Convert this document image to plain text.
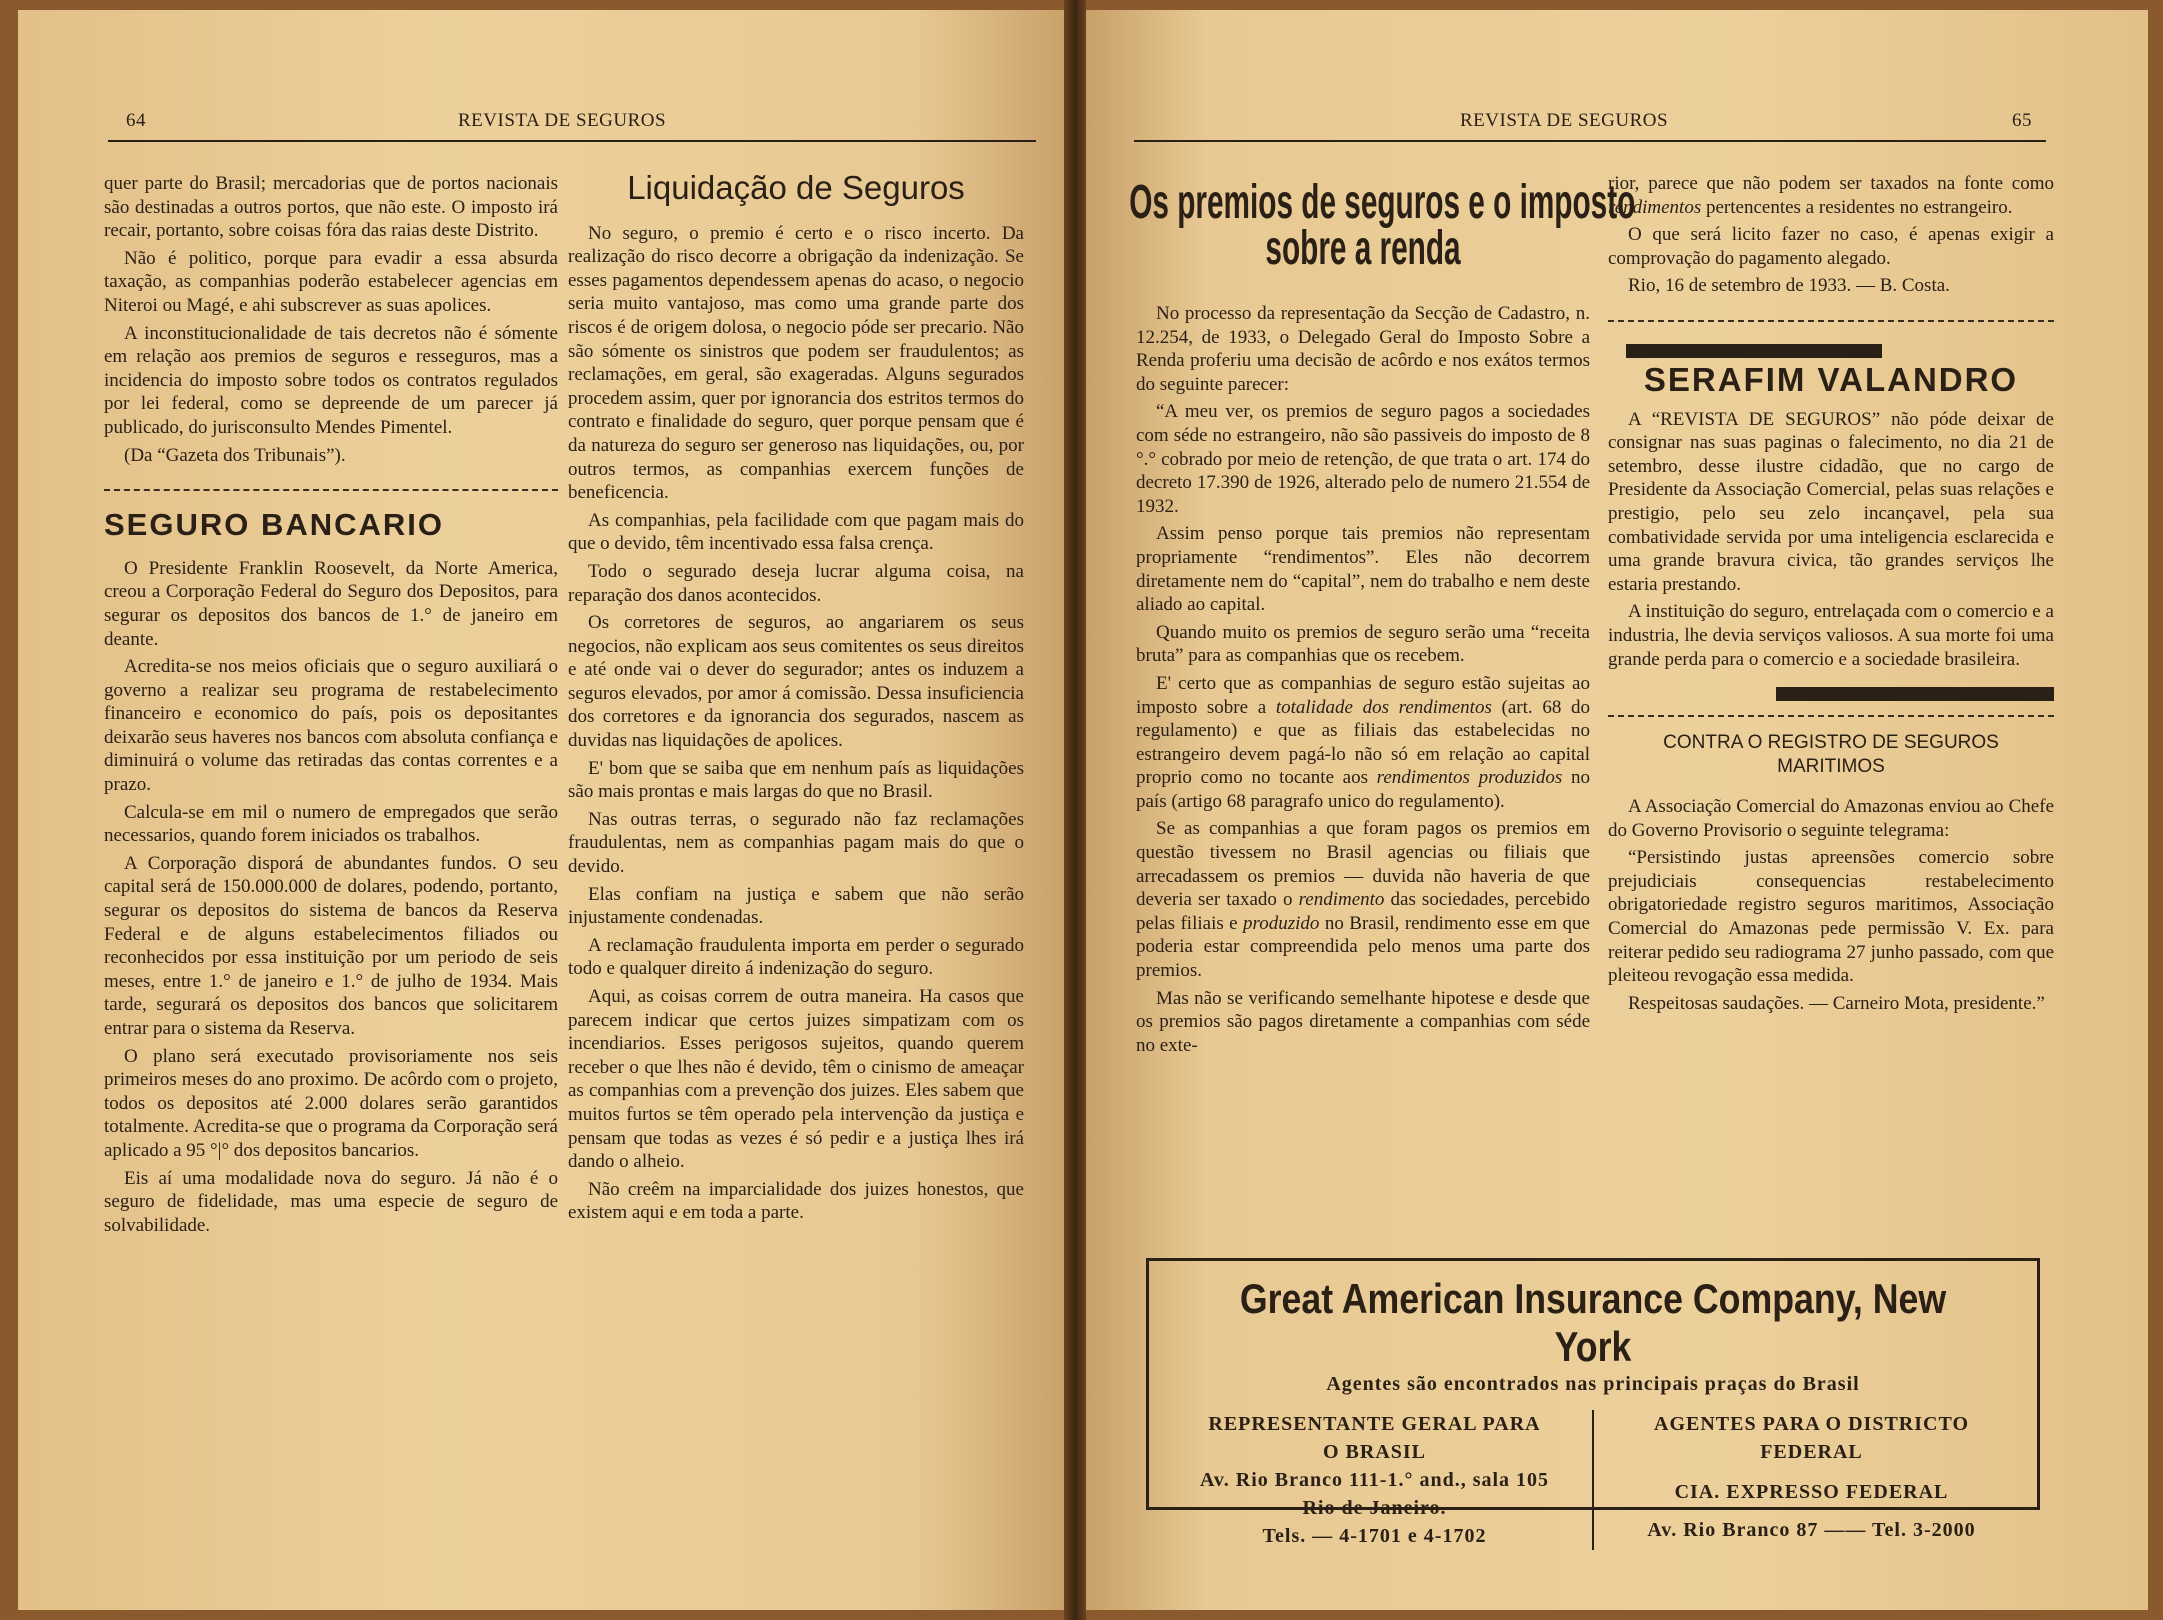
64	REVISTA DE SEGUROS

quer parte do Brasil; mercadorias que de portos nacionais são destinadas a outros portos, que não este. O imposto irá recair, portanto, sobre coisas fóra das raias deste Distrito.

Não é politico, porque para evadir a essa absurda taxação, as companhias poderão estabelecer agencias em Niteroi ou Magé, e ahi subscrever as suas apolices.

A inconstitucionalidade de tais decretos não é sómente em relação aos premios de seguros e resseguros, mas a incidencia do imposto sobre todos os contratos regulados por lei federal, como se depreende de um parecer já publicado, do jurisconsulto Mendes Pimentel.

(Da “Gazeta dos Tribunais”).

SEGURO BANCARIO

O Presidente Franklin Roosevelt, da Norte America, creou a Corporação Federal do Seguro dos Depositos, para segurar os depositos dos bancos de 1.° de janeiro em deante.

Acredita-se nos meios oficiais que o seguro auxiliará o governo a realizar seu programa de restabelecimento financeiro e economico do país, pois os depositantes deixarão seus haveres nos bancos com absoluta confiança e diminuirá o volume das retiradas das contas correntes e a prazo.

Calcula-se em mil o numero de empregados que serão necessarios, quando forem iniciados os trabalhos.

A Corporação disporá de abundantes fundos. O seu capital será de 150.000.000 de dolares, podendo, portanto, segurar os depositos do sistema de bancos da Reserva Federal e de alguns estabelecimentos filiados ou reconhecidos por essa instituição por um periodo de seis meses, entre 1.° de janeiro e 1.° de julho de 1934. Mais tarde, segurará os depositos dos bancos que solicitarem entrar para o sistema da Reserva.

O plano será executado provisoriamente nos seis primeiros meses do ano proximo. De acôrdo com o projeto, todos os depositos até 2.000 dolares serão garantidos totalmente. Acredita-se que o programa da Corporação será aplicado a 95 °|° dos depositos bancarios.

Eis aí uma modalidade nova do seguro. Já não é o seguro de fidelidade, mas uma especie de seguro de solvabilidade.

Liquidação de Seguros

No seguro, o premio é certo e o risco incerto. Da realização do risco decorre a obrigação da indenização. Se esses pagamentos dependessem apenas do acaso, o negocio seria muito vantajoso, mas como uma grande parte dos riscos é de origem dolosa, o negocio póde ser precario. Não são sómente os sinistros que podem ser fraudulentos; as reclamações, em geral, são exageradas. Alguns segurados procedem assim, quer por ignorancia dos estritos termos do contrato e finalidade do seguro, quer porque pensam que é da natureza do seguro ser generoso nas liquidações, ou, por outros termos, as companhias exercem funções de beneficencia.

As companhias, pela facilidade com que pagam mais do que o devido, têm incentivado essa falsa crença.

Todo o segurado deseja lucrar alguma coisa, na reparação dos danos acontecidos.

Os corretores de seguros, ao angariarem os seus negocios, não explicam aos seus comitentes os seus direitos e até onde vai o dever do segurador; antes os induzem a seguros elevados, por amor á comissão. Dessa insuficiencia dos corretores e da ignorancia dos segurados, nascem as duvidas nas liquidações de apolices.

E' bom que se saiba que em nenhum país as liquidações são mais prontas e mais largas do que no Brasil.

Nas outras terras, o segurado não faz reclamações fraudulentas, nem as companhias pagam mais do que o devido.

Elas confiam na justiça e sabem que não serão injustamente condenadas.

A reclamação fraudulenta importa em perder o segurado todo e qualquer direito á indenização do seguro.

Aqui, as coisas correm de outra maneira. Ha casos que parecem indicar que certos juizes simpatizam com os incendiarios. Esses perigosos sujeitos, quando querem receber o que lhes não é devido, têm o cinismo de ameaçar as companhias com a prevenção dos juizes. Eles sabem que muitos furtos se têm operado pela intervenção da justiça e pensam que todas as vezes é só pedir e a justiça lhes irá dando o alheio.

Não creêm na imparcialidade dos juizes honestos, que existem aqui e em toda a parte.

REVISTA DE SEGUROS	65
Os premios de seguros e o imposto
sobre a renda

No processo da representação da Secção de Cadastro, n. 12.254, de 1933, o Delegado Geral do Imposto Sobre a Renda proferiu uma decisão de acôrdo e nos exátos termos do seguinte parecer:

“A meu ver, os premios de seguro pagos a sociedades com séde no estrangeiro, não são passiveis do imposto de 8 °.° cobrado por meio de retenção, de que trata o art. 174 do decreto 17.390 de 1926, alterado pelo de numero 21.554 de 1932.

Assim penso porque tais premios não representam propriamente “rendimentos”. Eles não decorrem diretamente nem do “capital”, nem do trabalho e nem deste aliado ao capital.

Quando muito os premios de seguro serão uma “receita bruta” para as companhias que os recebem.

E' certo que as companhias de seguro estão sujeitas ao imposto sobre a totalidade dos rendimentos (art. 68 do regulamento) e que as filiais das estabelecidas no estrangeiro devem pagá-lo não só em relação ao capital proprio como no tocante aos rendimentos produzidos no país (artigo 68 paragrafo unico do regulamento).

Se as companhias a que foram pagos os premios em questão tivessem no Brasil agencias ou filiais que arrecadassem os premios — duvida não haveria de que deveria ser taxado o rendimento das sociedades, percebido pelas filiais e produzido no Brasil, rendimento esse em que poderia estar compreendida pelo menos uma parte dos premios.

Mas não se verificando semelhante hipotese e desde que os premios são pagos diretamente a companhias com séde no exte-

rior, parece que não podem ser taxados na fonte como rendimentos pertencentes a residentes no estrangeiro.

O que será licito fazer no caso, é apenas exigir a comprovação do pagamento alegado.

Rio, 16 de setembro de 1933. — B. Costa.

SERAFIM VALANDRO

A “REVISTA DE SEGUROS” não póde deixar de consignar nas suas paginas o falecimento, no dia 21 de setembro, desse ilustre cidadão, que no cargo de Presidente da Associação Comercial, pelas suas relações e prestigio, pelo seu zelo incançavel, pela sua combatividade servida por uma inteligencia esclarecida e uma grande bravura civica, tão grandes serviços lhe estaria prestando.

A instituição do seguro, entrelaçada com o comercio e a industria, lhe devia serviços valiosos. A sua morte foi uma grande perda para o comercio e a sociedade brasileira.

CONTRA O REGISTRO DE SEGUROS
MARITIMOS

A Associação Comercial do Amazonas enviou ao Chefe do Governo Provisorio o seguinte telegrama:

“Persistindo justas apreensões comercio sobre prejudiciais consequencias restabelecimento obrigatoriedade registro seguros maritimos, Associação Comercial do Amazonas pede permissão V. Ex. para reiterar pedido seu radiograma 27 junho passado, com que pleiteou revogação essa medida.

Respeitosas saudações. — Carneiro Mota, presidente.”

Great American Insurance Company, New York
Agentes são encontrados nas principais praças do Brasil
REPRESENTANTE GERAL PARA
O BRASIL
Av. Rio Branco 111-1.° and., sala 105
Rio de Janeiro.
Tels. — 4-1701 e 4-1702
AGENTES PARA O DISTRICTO
FEDERAL
CIA. EXPRESSO FEDERAL
Av. Rio Branco 87 —— Tel. 3-2000
